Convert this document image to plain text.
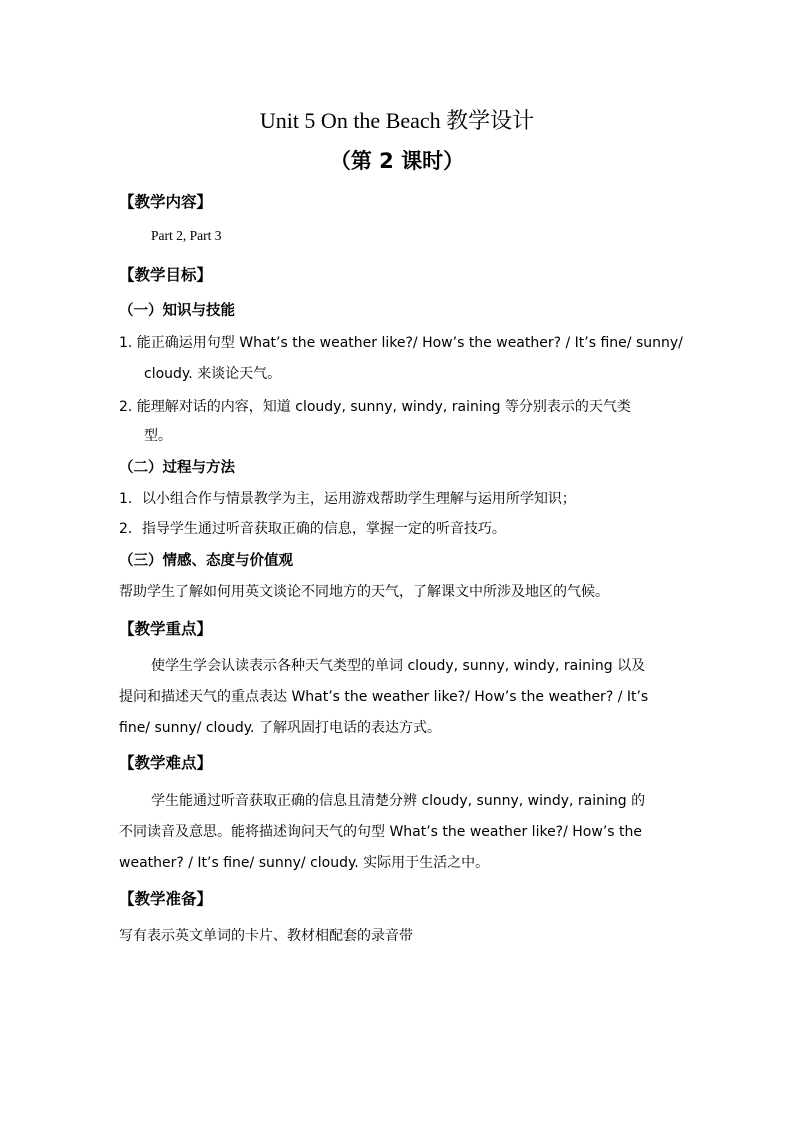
Unit 5 On the Beach 教学设计
（第 2 课时）
【教学内容】
Part 2, Part 3
【教学目标】
（一）知识与技能
1. 能正确运用句型 What’s the weather like?/ How’s the weather? / It’s fine/ sunny/
cloudy. 来谈论天气。
2. 能理解对话的内容，知道 cloudy, sunny, windy, raining 等分别表示的天气类
型。
（二）过程与方法
1．以小组合作与情景教学为主，运用游戏帮助学生理解与运用所学知识；
2．指导学生通过听音获取正确的信息，掌握一定的听音技巧。
（三）情感、态度与价值观
帮助学生了解如何用英文谈论不同地方的天气，了解课文中所涉及地区的气候。
【教学重点】
使学生学会认读表示各种天气类型的单词 cloudy, sunny, windy, raining 以及
提问和描述天气的重点表达 What’s the weather like?/ How’s the weather? / It’s
fine/ sunny/ cloudy. 了解巩固打电话的表达方式。
【教学难点】
学生能通过听音获取正确的信息且清楚分辨 cloudy, sunny, windy, raining 的
不同读音及意思。能将描述询问天气的句型 What’s the weather like?/ How’s the
weather? / It’s fine/ sunny/ cloudy. 实际用于生活之中。
【教学准备】
写有表示英文单词的卡片、教材相配套的录音带
